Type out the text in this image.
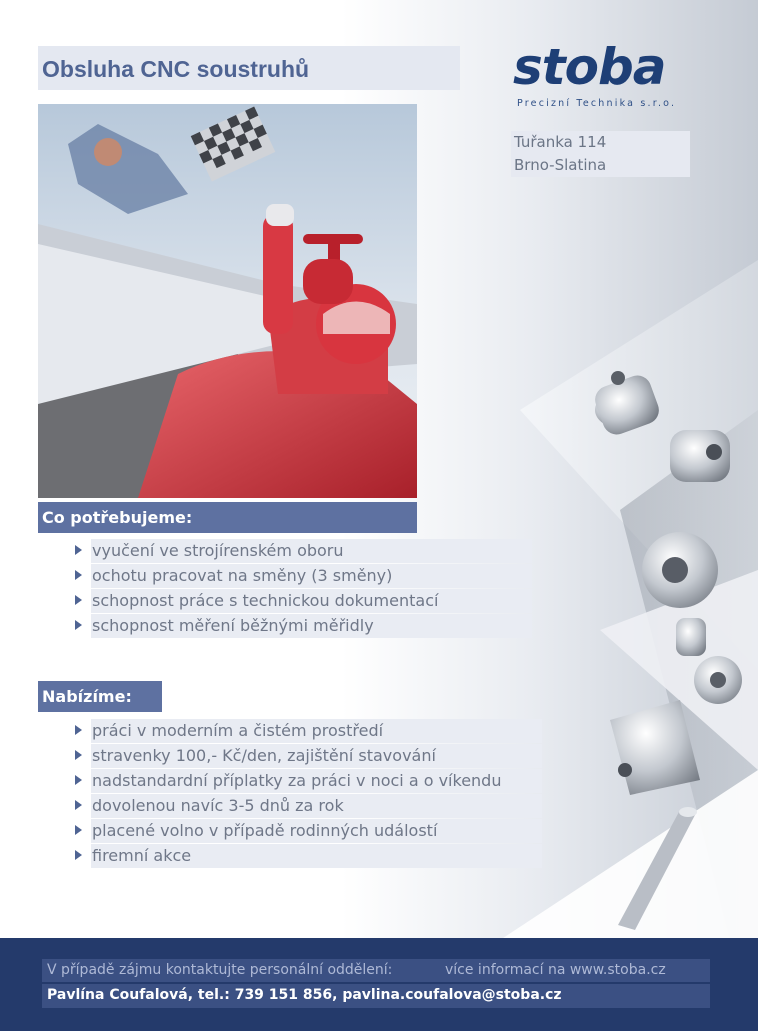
Obsluha CNC soustruhů	stoba
Precizní Technika s.r.o.
Tuřanka 114
Brno-Slatina
Co potřebujeme:
vyučení ve strojírenském oboru
ochotu pracovat na směny (3 směny)
schopnost práce s technickou dokumentací
schopnost měření běžnými měřidly
Nabízíme:
práci v moderním a čistém prostředí
stravenky 100,- Kč/den, zajištění stavování
nadstandardní příplatky za práci v noci a o víkendu
dovolenou navíc 3-5 dnů za rok
placené volno v případě rodinných událostí
firemní akce
V případě zájmu kontaktujte personální oddělení:	více informací na www.stoba.cz
Pavlína Coufalová, tel.: 739 151 856, pavlina.coufalova@stoba.cz
